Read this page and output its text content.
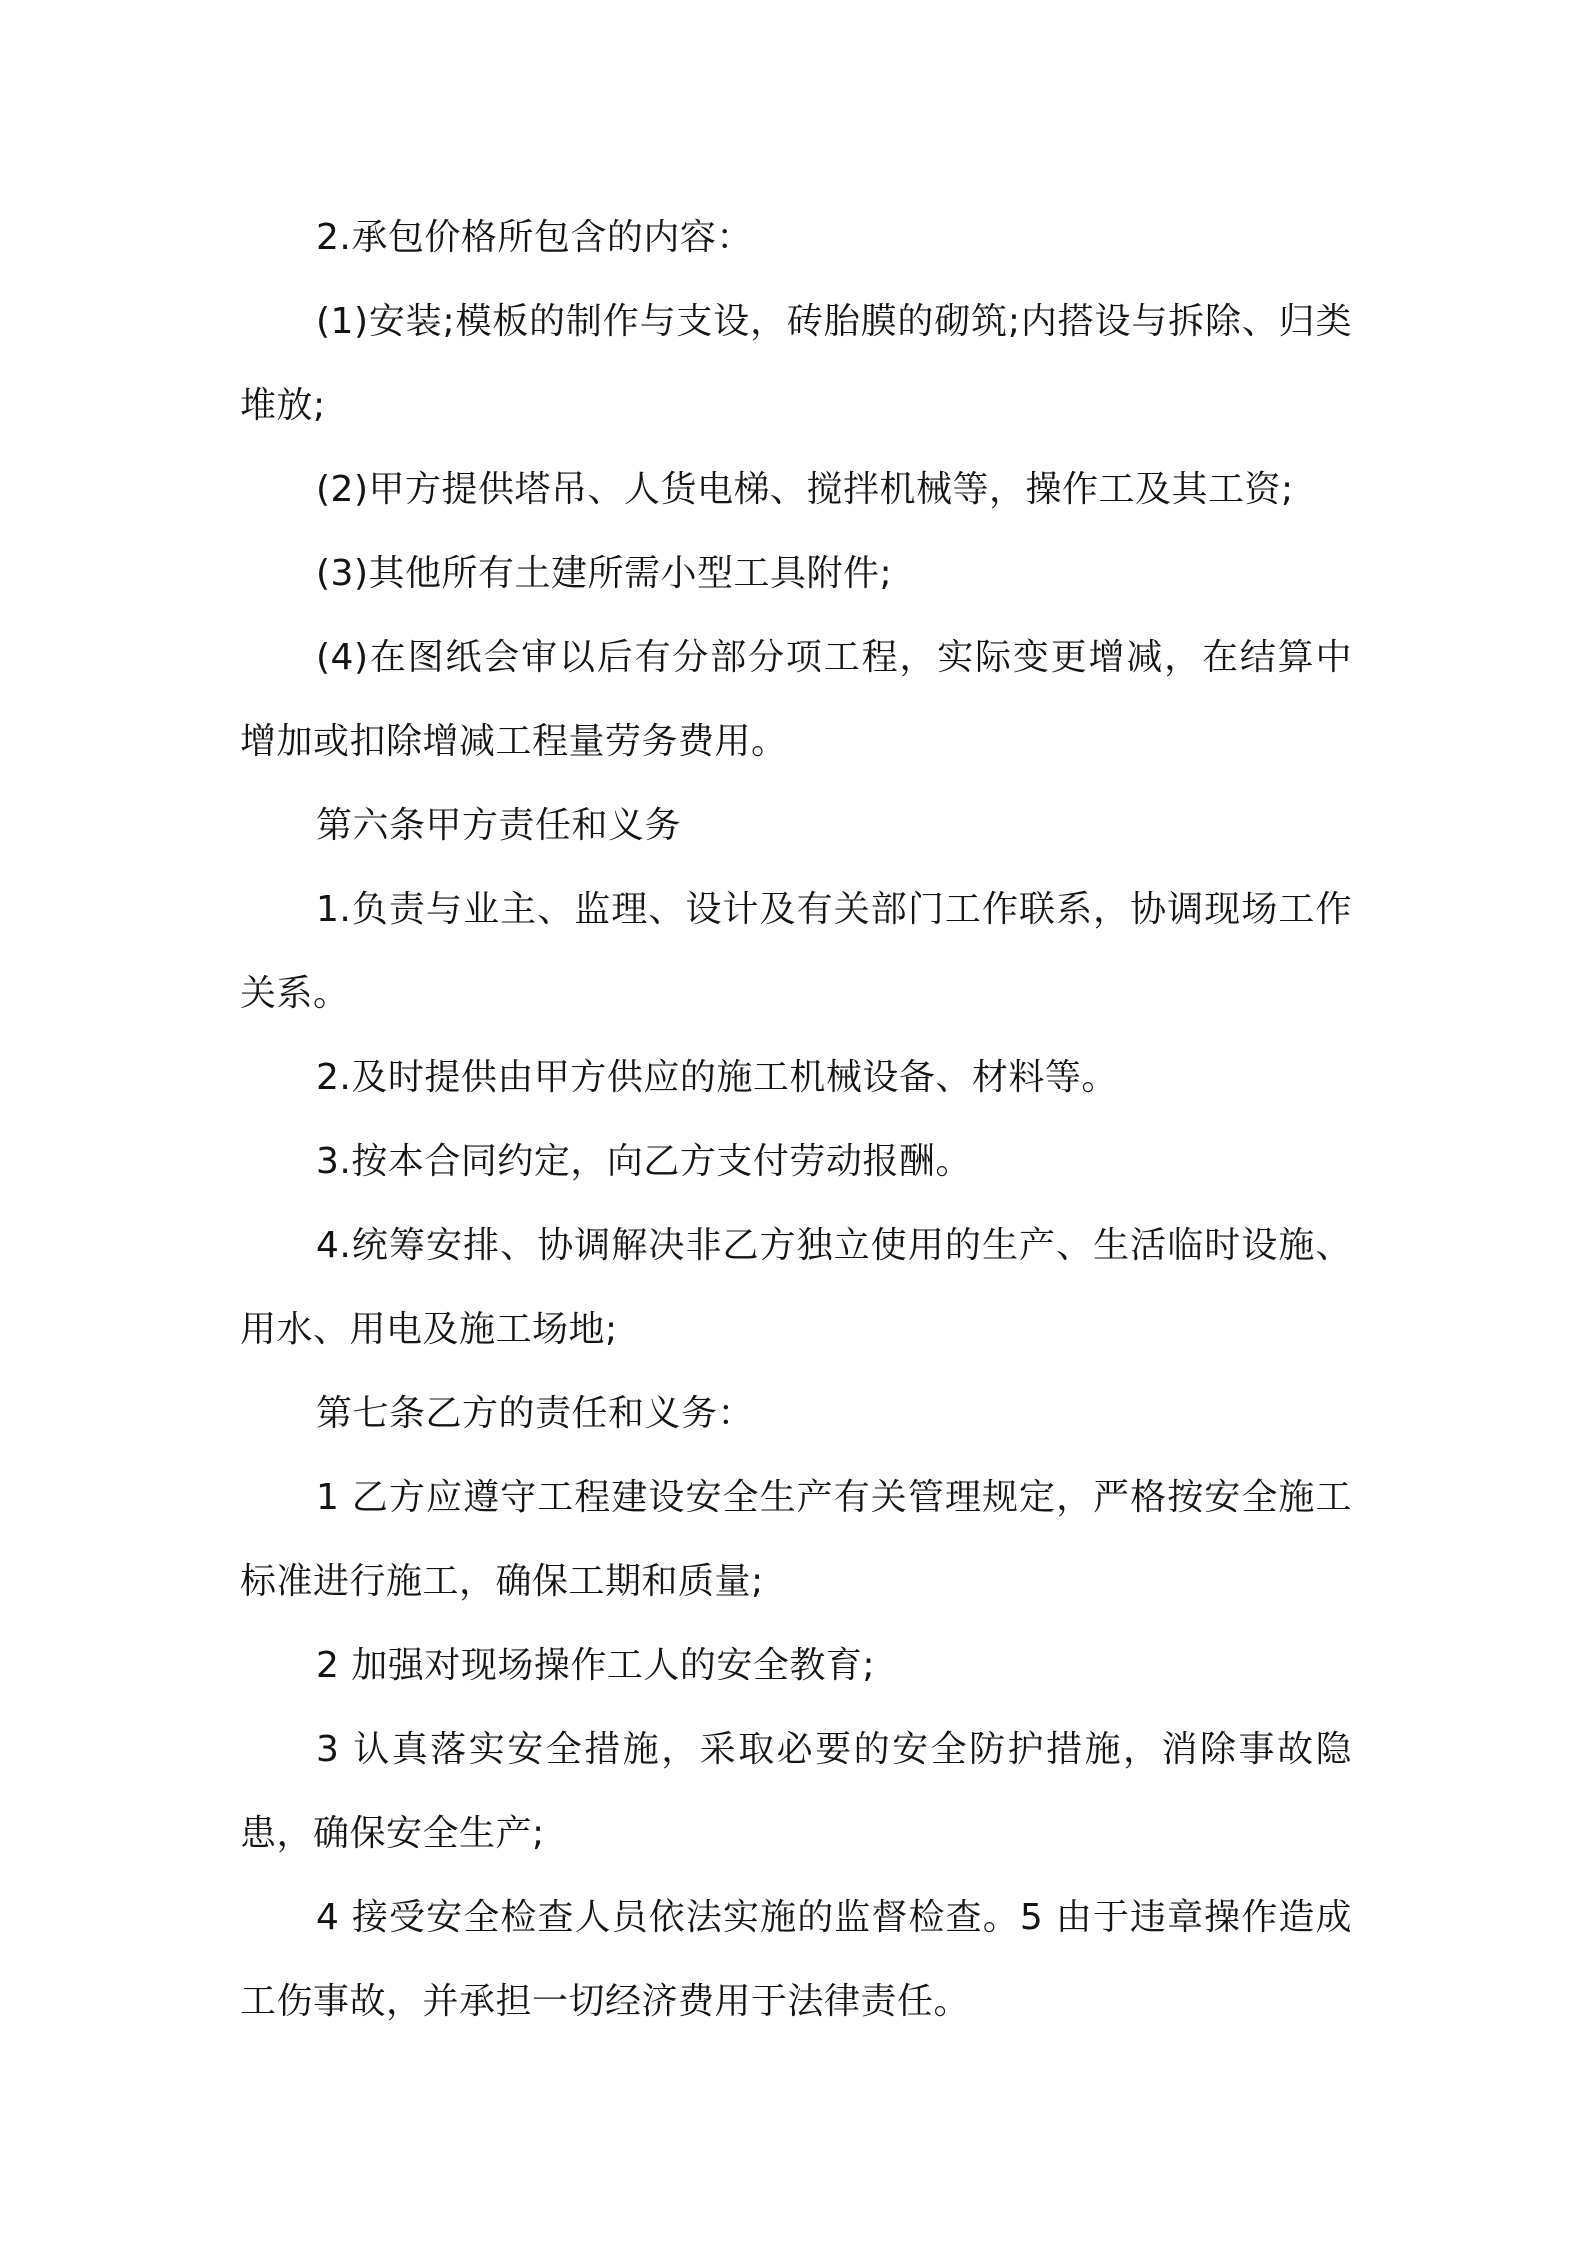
2.承包价格所包含的内容：

(1)安装;模板的制作与支设，砖胎膜的砌筑;内搭设与拆除、归类堆放;

(2)甲方提供塔吊、人货电梯、搅拌机械等，操作工及其工资;

(3)其他所有土建所需小型工具附件;

(4)在图纸会审以后有分部分项工程，实际变更增减，在结算中增加或扣除增减工程量劳务费用。

第六条甲方责任和义务

1.负责与业主、监理、设计及有关部门工作联系，协调现场工作关系。

2.及时提供由甲方供应的施工机械设备、材料等。

3.按本合同约定，向乙方支付劳动报酬。

4.统筹安排、协调解决非乙方独立使用的生产、生活临时设施、用水、用电及施工场地;

第七条乙方的责任和义务：

1 乙方应遵守工程建设安全生产有关管理规定，严格按安全施工标准进行施工，确保工期和质量;

2 加强对现场操作工人的安全教育;

3 认真落实安全措施，采取必要的安全防护措施，消除事故隐患，确保安全生产;

4 接受安全检查人员依法实施的监督检查。5 由于违章操作造成工伤事故，并承担一切经济费用于法律责任。
